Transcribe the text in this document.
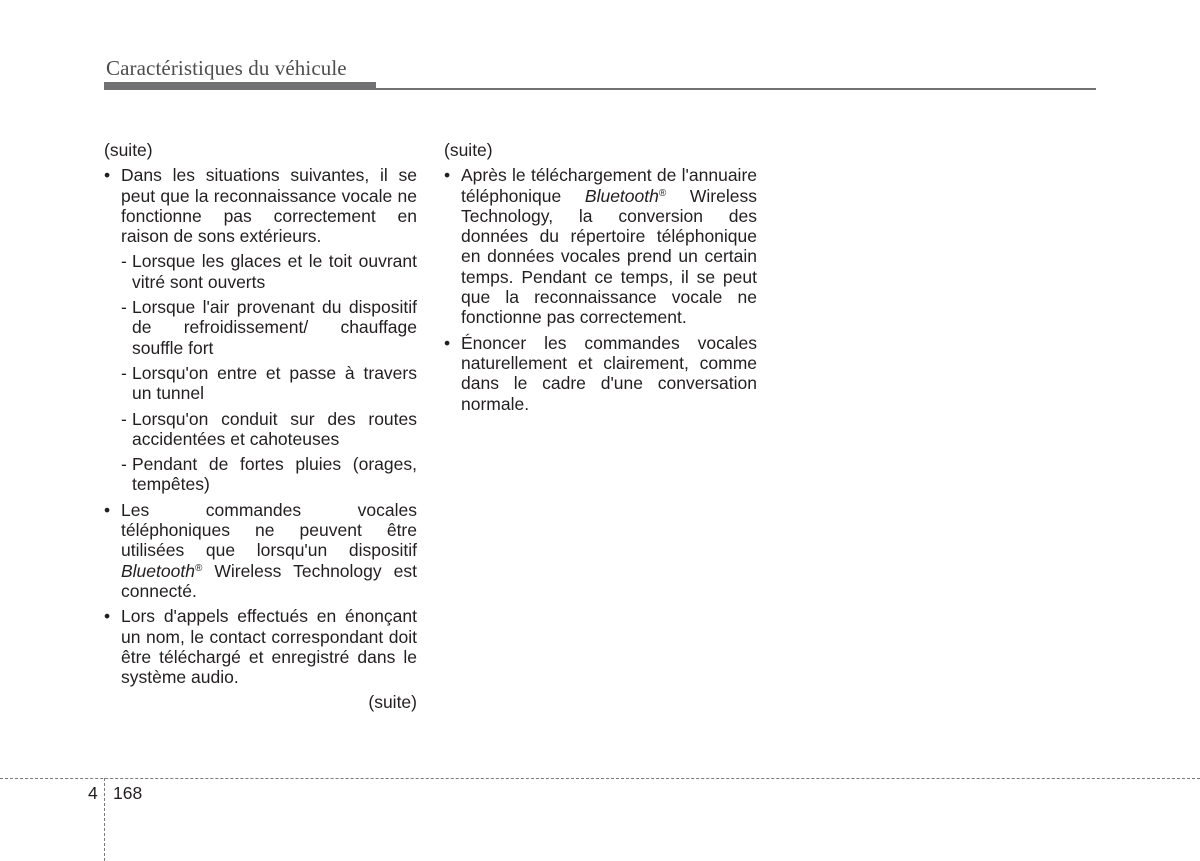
Caractéristiques du véhicule

(suite)

• Dans les situations suivantes, il se peut que la reconnaissance vocale ne fonctionne pas correctement en raison de sons extérieurs.
- Lorsque les glaces et le toit ouvrant vitré sont ouverts
- Lorsque l'air provenant du dispositif de refroidissement/ chauffage souffle fort
- Lorsqu'on entre et passe à travers un tunnel
- Lorsqu'on conduit sur des routes accidentées et cahoteuses
- Pendant de fortes pluies (orages, tempêtes)
• Les commandes vocales téléphoniques ne peuvent être utilisées que lorsqu'un dispositif Bluetooth® Wireless Technology est connecté.
• Lors d'appels effectués en énonçant un nom, le contact correspondant doit être téléchargé et enregistré dans le système audio.

(suite)

(suite)

• Après le téléchargement de l'annuaire téléphonique Bluetooth® Wireless Technology, la conversion des données du répertoire téléphonique en données vocales prend un certain temps. Pendant ce temps, il se peut que la reconnaissance vocale ne fonctionne pas correctement.
• Énoncer les commandes vocales naturellement et clairement, comme dans le cadre d'une conversation normale.
4 168
